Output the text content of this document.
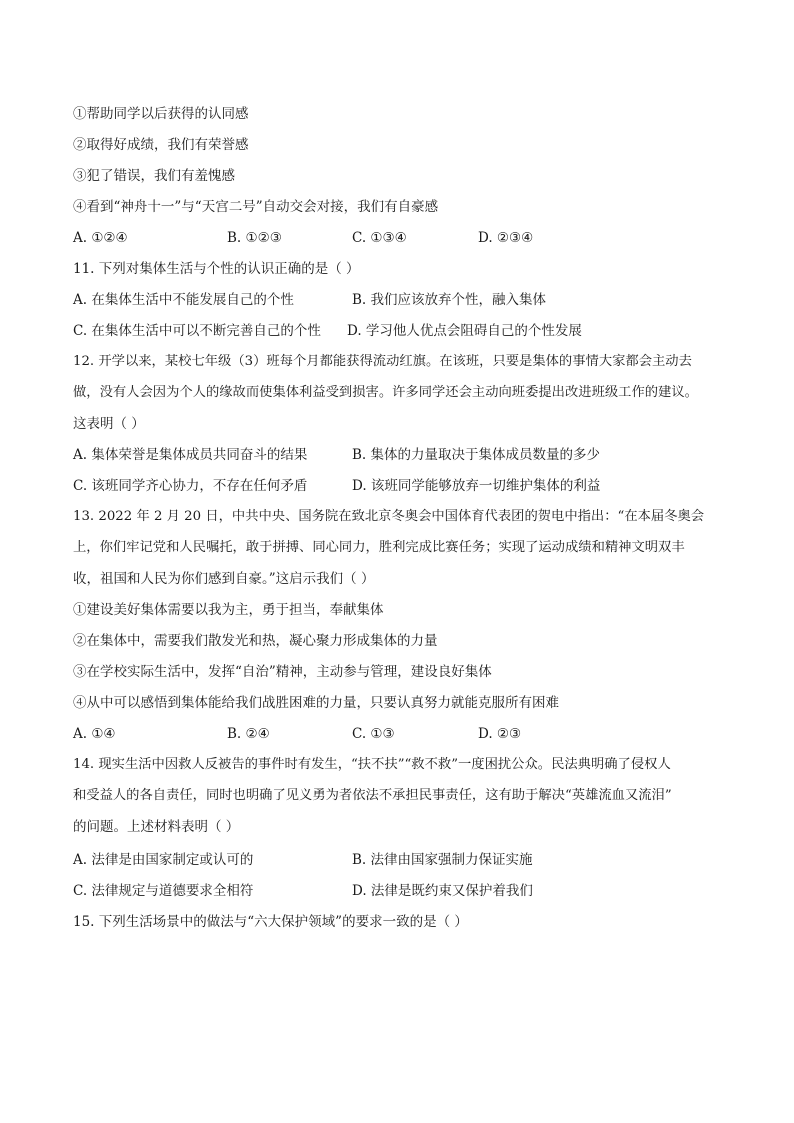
①帮助同学以后获得的认同感
②取得好成绩，我们有荣誉感
③犯了错误，我们有羞愧感
④看到“神舟十一”与“天宫二号”自动交会对接，我们有自豪感
A. ①②④	B. ①②③	C. ①③④	D. ②③④
11. 下列对集体生活与个性的认识正确的是（ ）
A. 在集体生活中不能发展自己的个性	B. 我们应该放弃个性，融入集体
C. 在集体生活中可以不断完善自己的个性 D. 学习他人优点会阻碍自己的个性发展
12. 开学以来，某校七年级（3）班每个月都能获得流动红旗。在该班，只要是集体的事情大家都会主动去
做，没有人会因为个人的缘故而使集体利益受到损害。许多同学还会主动向班委提出改进班级工作的建议。
这表明（ ）
A. 集体荣誉是集体成员共同奋斗的结果	B. 集体的力量取决于集体成员数量的多少
C. 该班同学齐心协力，不存在任何矛盾	D. 该班同学能够放弃一切维护集体的利益
13. 2022 年 2 月 20 日，中共中央、国务院在致北京冬奥会中国体育代表团的贺电中指出：“在本届冬奥会
上，你们牢记党和人民嘱托，敢于拼搏、同心同力，胜利完成比赛任务；实现了运动成绩和精神文明双丰
收，祖国和人民为你们感到自豪。”这启示我们（ ）
①建设美好集体需要以我为主，勇于担当，奉献集体
②在集体中，需要我们散发光和热，凝心聚力形成集体的力量
③在学校实际生活中，发挥“自治”精神，主动参与管理，建设良好集体
④从中可以感悟到集体能给我们战胜困难的力量，只要认真努力就能克服所有困难
A. ①④	B. ②④	C. ①③	D. ②③
14. 现实生活中因救人反被告的事件时有发生，“扶不扶”“救不救”一度困扰公众。民法典明确了侵权人
和受益人的各自责任，同时也明确了见义勇为者依法不承担民事责任，这有助于解决“英雄流血又流泪”
的问题。上述材料表明（ ）
A. 法律是由国家制定或认可的	B. 法律由国家强制力保证实施
C. 法律规定与道德要求全相符	D. 法律是既约束又保护着我们
15. 下列生活场景中的做法与“六大保护领域”的要求一致的是（ ）
